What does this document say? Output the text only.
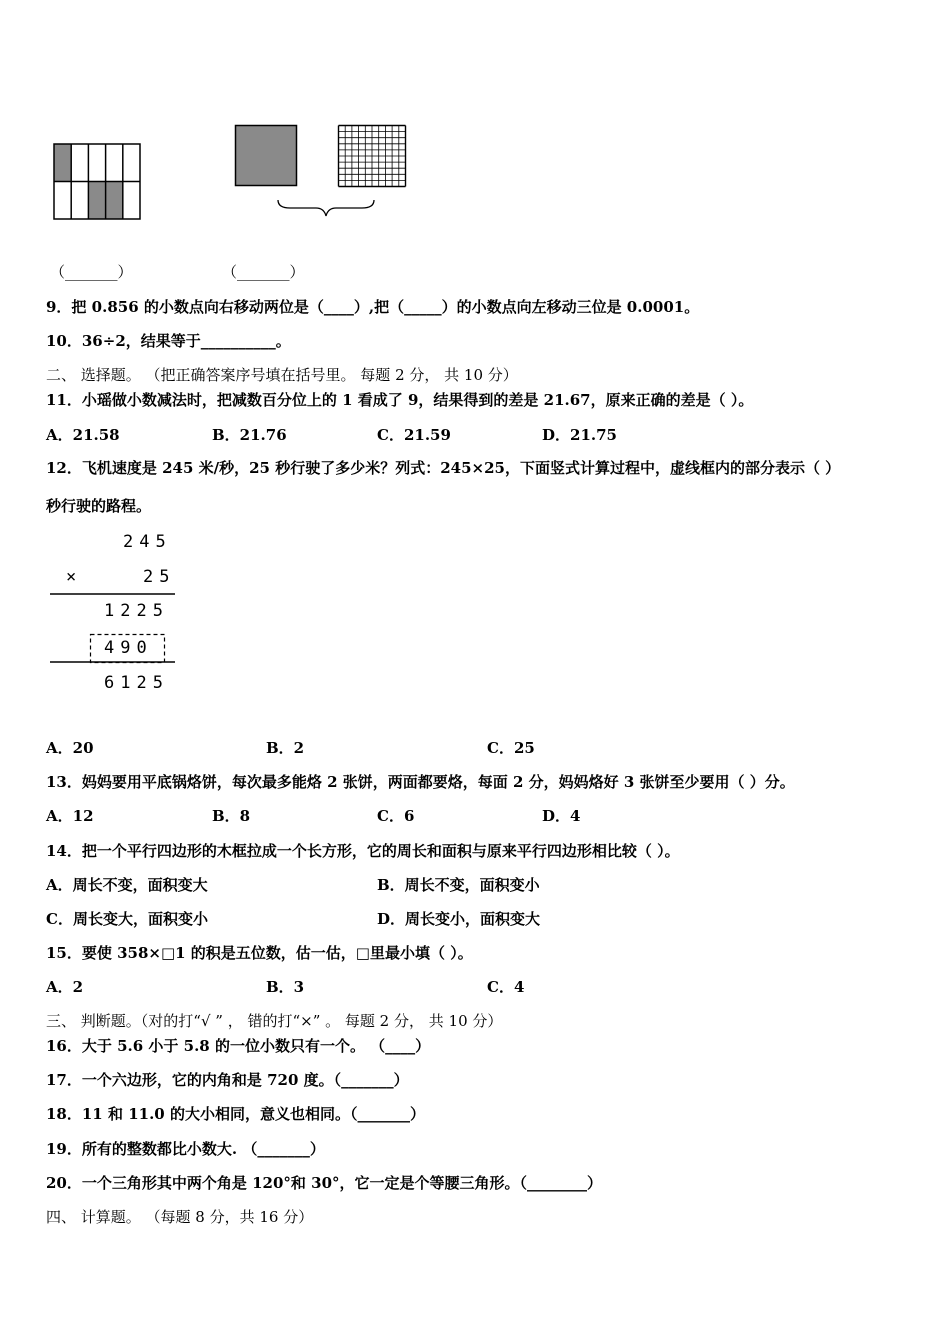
（_______）	（_______）
9．把 0.856 的小数点向右移动两位是（____）,把（_____）的小数点向左移动三位是 0.0001。
10．36÷2，结果等于__________。
二、 选择题。 （把正确答案序号填在括号里。 每题 2 分， 共 10 分）
11．小瑶做小数减法时，把减数百分位上的 1 看成了 9，结果得到的差是 21.67，原来正确的差是（ ）。
A．21.58	B．21.76	C．21.59	D．21.75
12．飞机速度是 245 米/秒，25 秒行驶了多少米？列式：245×25，下面竖式计算过程中，虚线框内的部分表示（ ）
秒行驶的路程。
245
×	25
1225
490
6125
A．20	B．2	C．25
13．妈妈要用平底锅烙饼，每次最多能烙 2 张饼，两面都要烙，每面 2 分，妈妈烙好 3 张饼至少要用（ ）分。
A．12	B．8	C．6	D．4
14．把一个平行四边形的木框拉成一个长方形，它的周长和面积与原来平行四边形相比较（ ）。
A．周长不变，面积变大	B．周长不变，面积变小
C．周长变大，面积变小	D．周长变小，面积变大
15．要使 358×□1 的积是五位数，估一估，□里最小填（ ）。
A．2	B．3	C．4
三、 判断题。（对的打“√ ” ， 错的打“×” 。 每题 2 分， 共 10 分）
16．大于 5.6 小于 5.8 的一位小数只有一个。 （____）
17．一个六边形，它的内角和是 720 度。（_______）
18．11 和 11.0 的大小相同，意义也相同。（_______）
19．所有的整数都比小数大. （_______）
20．一个三角形其中两个角是 120°和 30°，它一定是个等腰三角形。（________）
四、 计算题。 （每题 8 分，共 16 分）
